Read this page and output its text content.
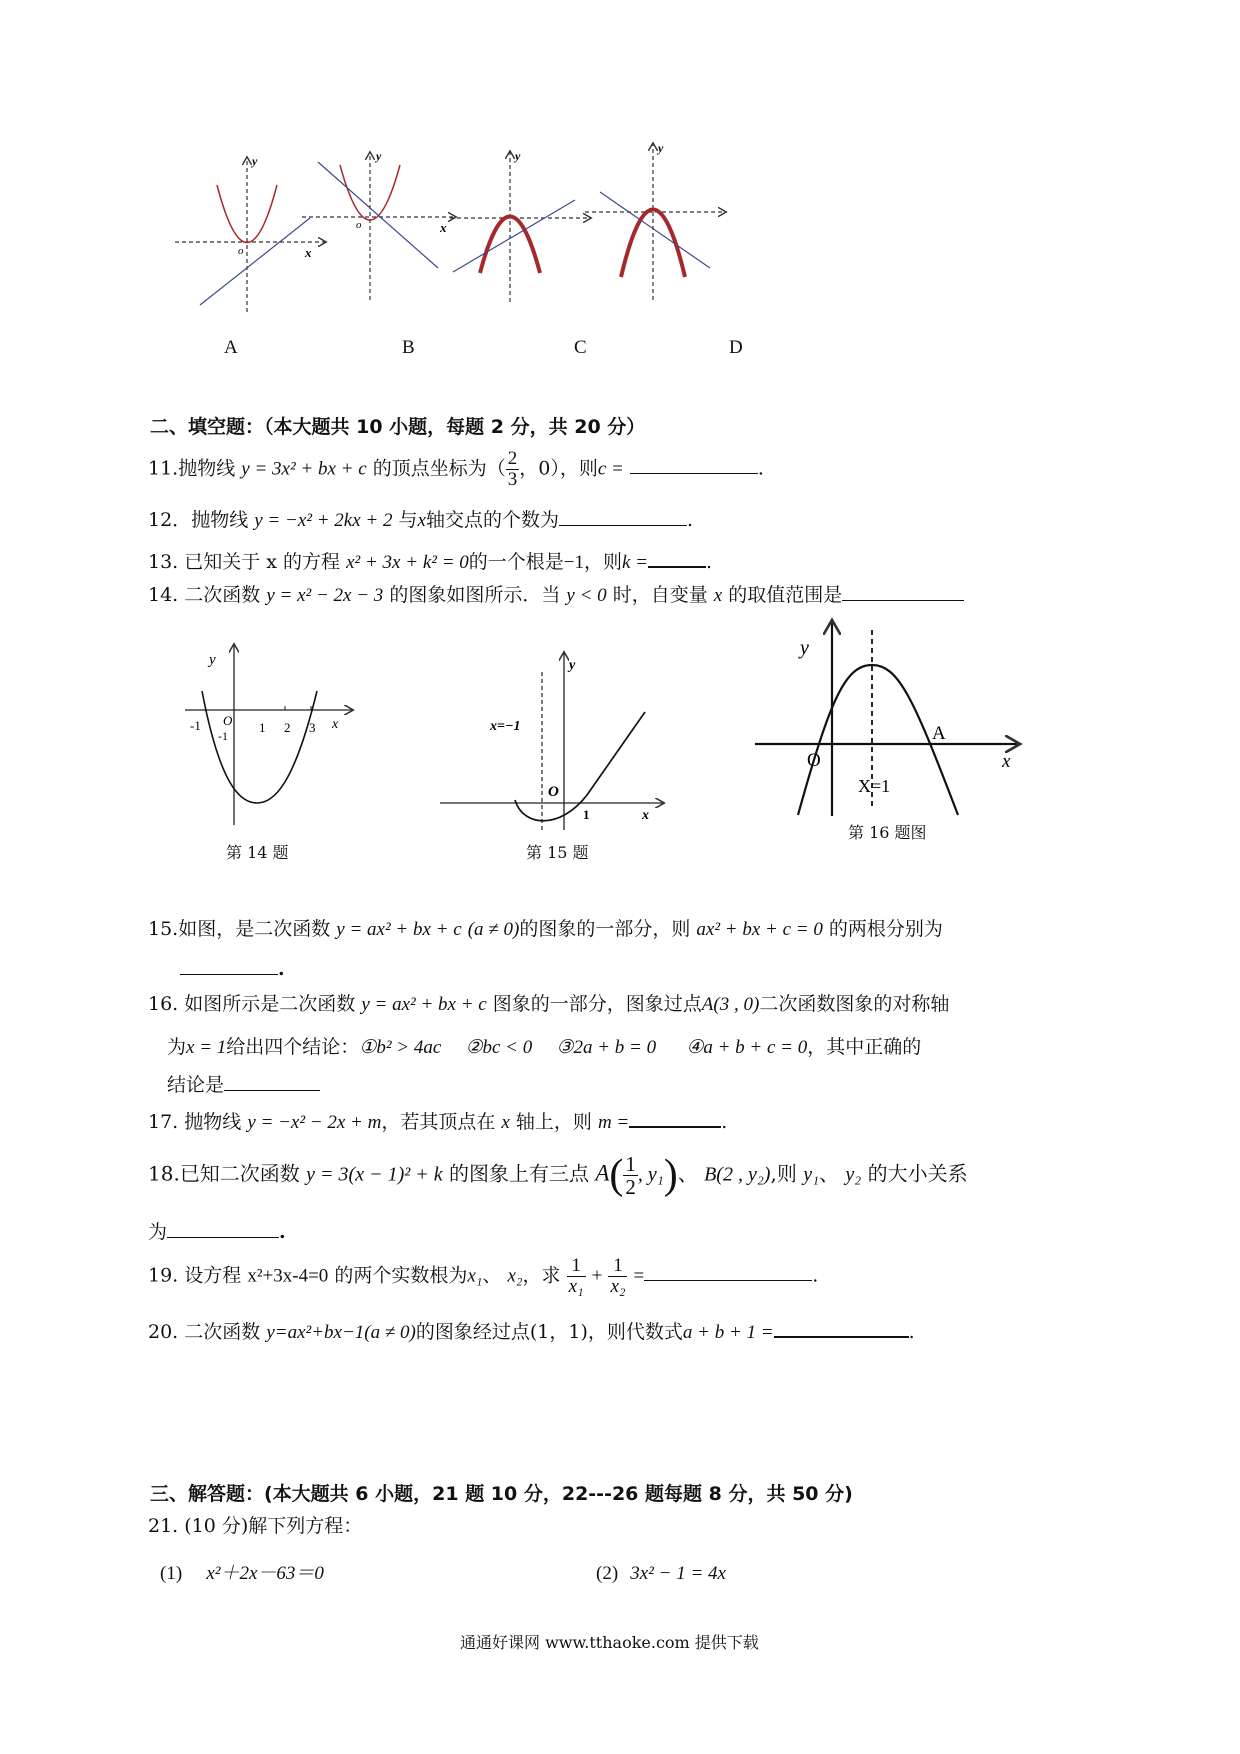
o	x
y
o	x
y	y
y
A	B	C	D
二、填空题：（本大题共 10 小题，每题 2 分，共 20 分）
11.抛物线 y = 3x² + bx + c 的顶点坐标为（ $\frac{2}{3}$ ，0），则c =	.
12．抛物线 y = −x² + 2kx + 2 与x轴交点的个数为	.
13. 已知关于 x 的方程 x² + 3x + k² = 0的一个根是−1，则k =	.
14. 二次函数 y = x² − 2x − 3 的图象如图所示．当 y < 0 时，自变量 x 的取值范围是
-1 O
-1
1 2 3 x
y
第 14 题
x=−1
O
1	x
y
第 15 题
y
O
A
X=1
x
第 16 题图
15.如图，是二次函数 y = ax² + bx + c (a ≠ 0)的图象的一部分，则 ax² + bx + c = 0 的两根分别为
.
16. 如图所示是二次函数 y = ax² + bx + c 图象的一部分，图象过点A(3 , 0)二次函数图象的对称轴
为x = 1给出四个结论：①b² > 4ac ②bc < 0 ③2a + b = 0 ④a + b + c = 0，其中正确的
结论是
17. 抛物线 y = −x² − 2x + m，若其顶点在 x 轴上，则 m =	.
18.已知二次函数 y = 3(x − 1)² + k 的图象上有三点 $A( \frac{1}{2}$ , y₁)、 B(2 , y₂),则 y₁、 y₂ 的大小关系
为	.
19. 设方程 x²+3x-4=0 的两个实数根为x₁、 x₂，求 $\frac{1}{\text{x₁}} + \frac{1}{\text{x₂}}$ =	.
20. 二次函数 y=ax²+bx−1(a ≠ 0)的图象经过点(1，1)，则代数式a + b + 1 =	.
三、解答题：(本大题共 6 小题，21 题 10 分，22---26 题每题 8 分，共 50 分)
21. (10 分)解下列方程：
(1) x²＋2x－63＝0	(2) 3x² − 1 = 4x
通通好课网 www.tthaoke.com 提供下载
